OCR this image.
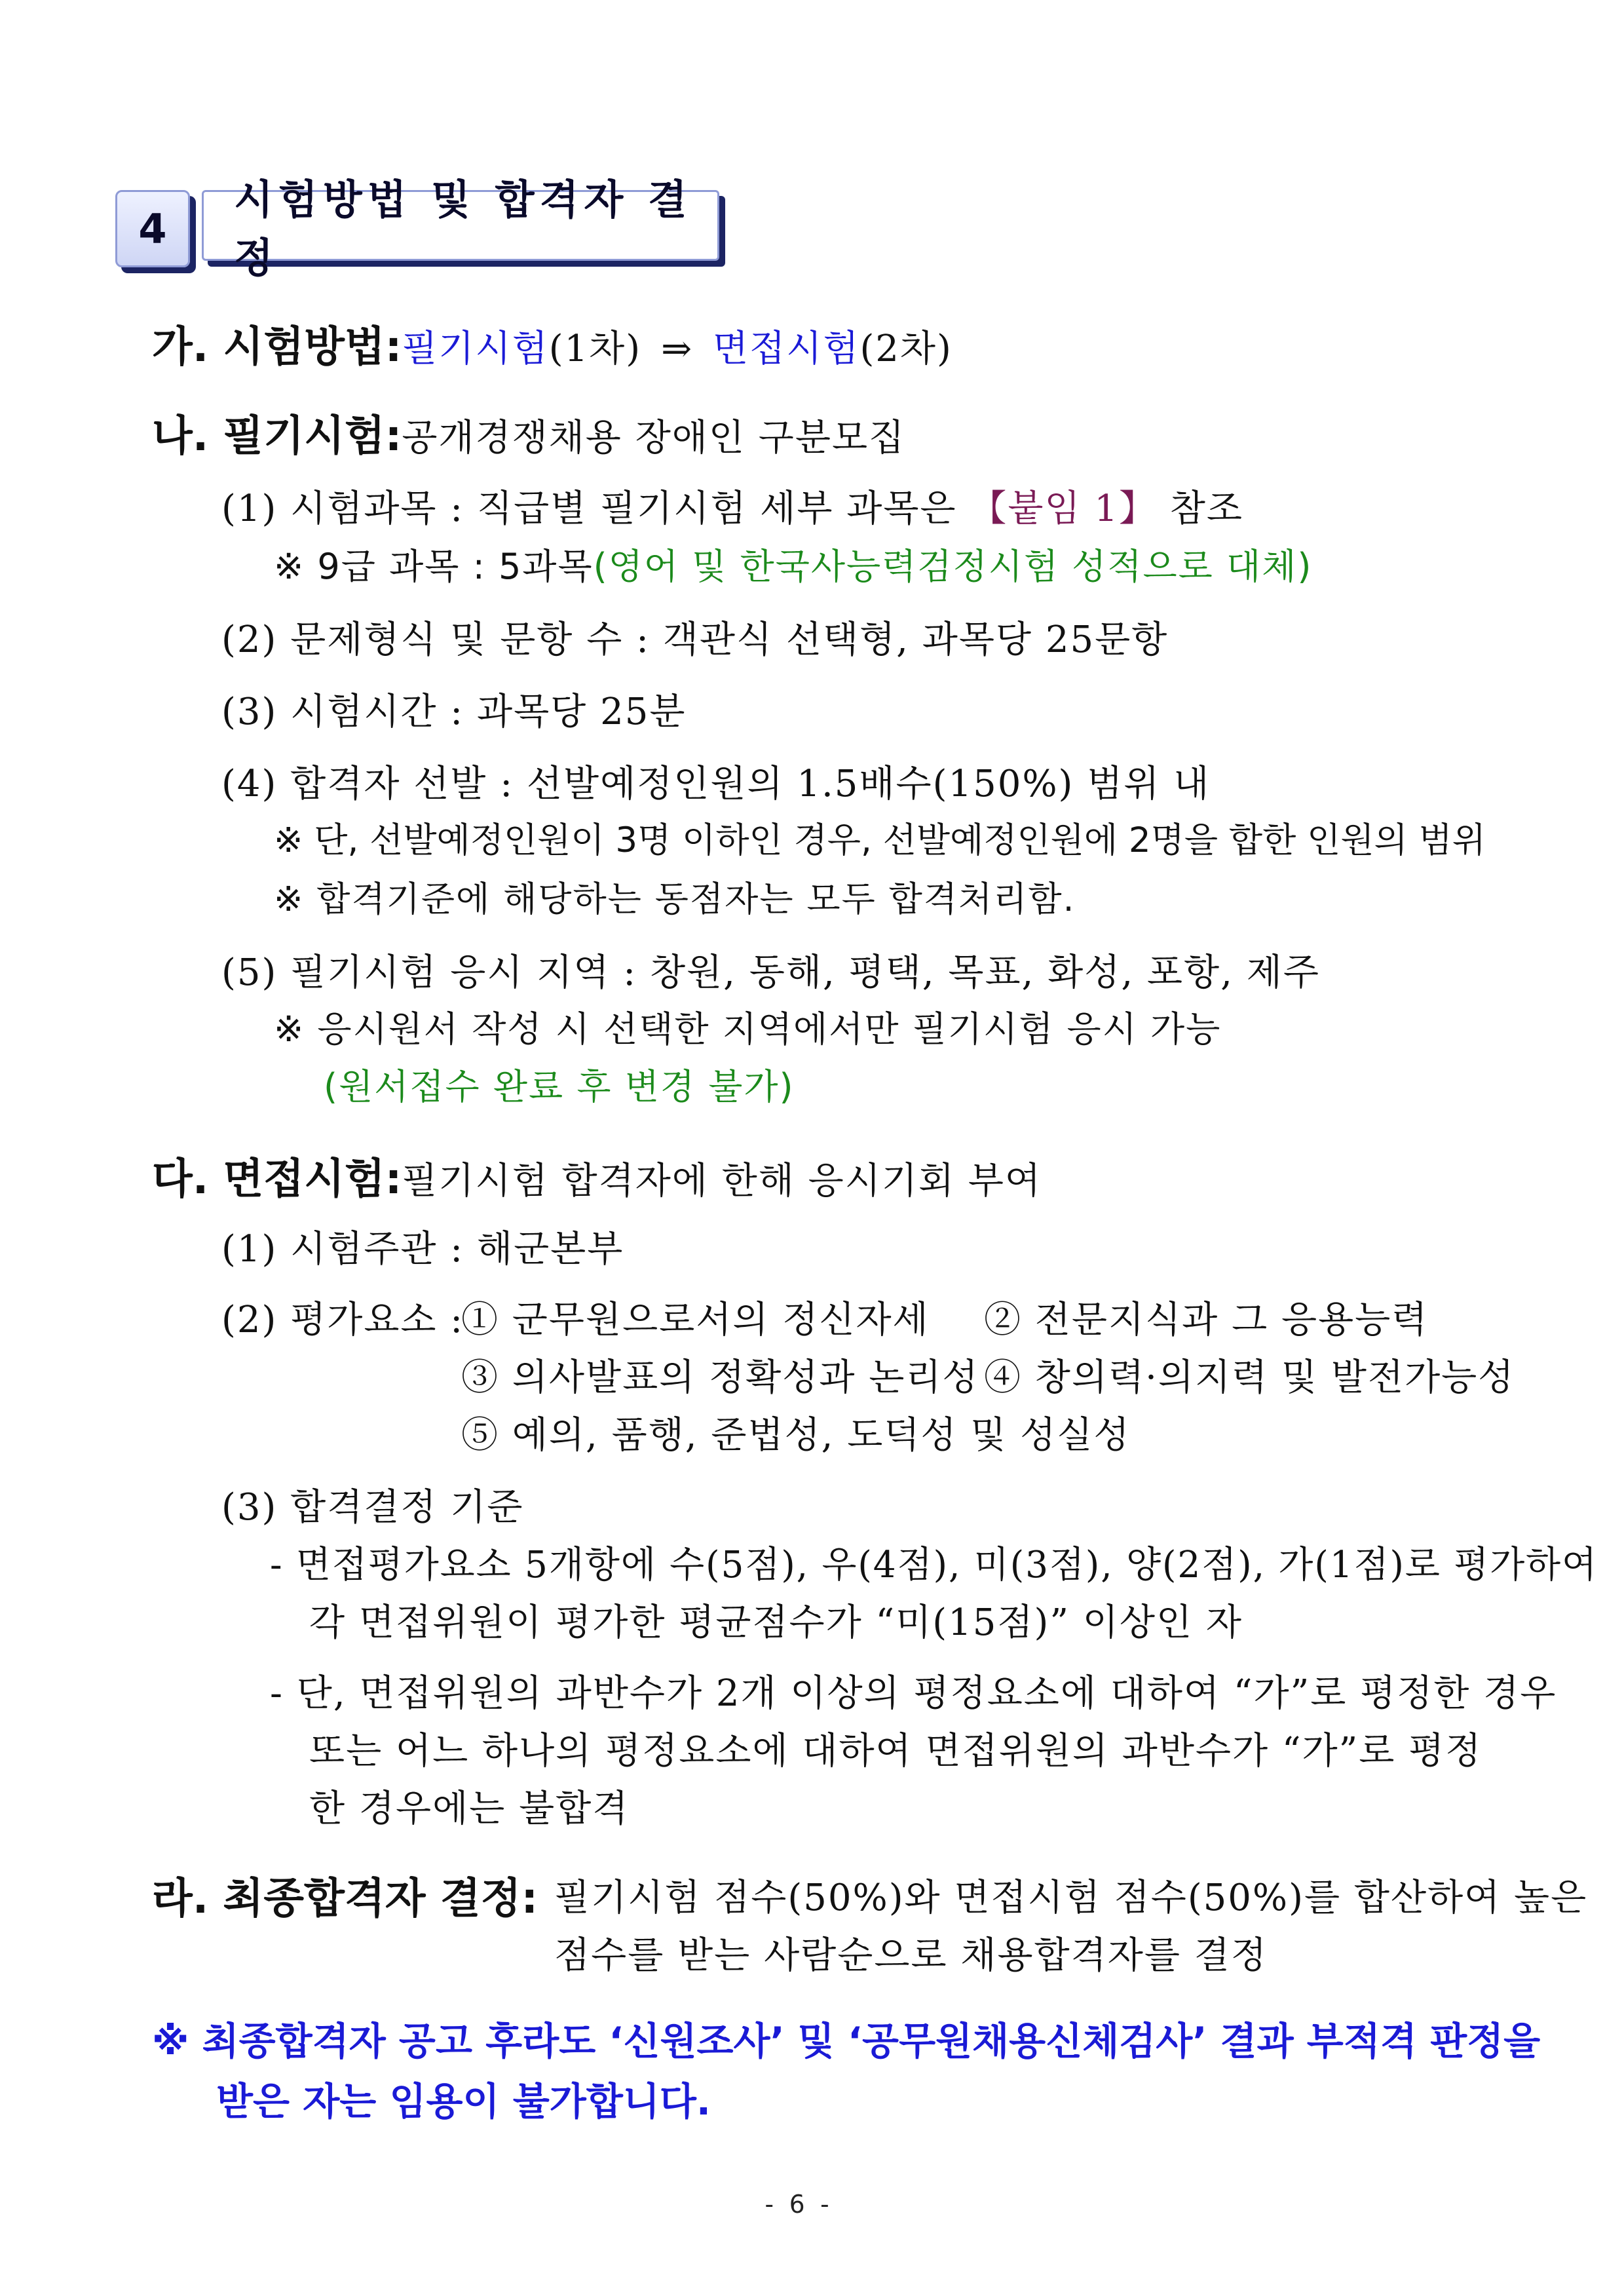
4
시험방법 및 합격자 결정
가. 시험방법:필기시험(1차) ⇒ 면접시험(2차)
나. 필기시험:공개경쟁채용 장애인 구분모집
(1) 시험과목 : 직급별 필기시험 세부 과목은 【붙임 1】 참조
※ 9급 과목 : 5과목(영어 및 한국사능력검정시험 성적으로 대체)
(2) 문제형식 및 문항 수 : 객관식 선택형, 과목당 25문항
(3) 시험시간 : 과목당 25분
(4) 합격자 선발 : 선발예정인원의 1.5배수(150%) 범위 내
※ 단, 선발예정인원이 3명 이하인 경우, 선발예정인원에 2명을 합한 인원의 범위
※ 합격기준에 해당하는 동점자는 모두 합격처리함.
(5) 필기시험 응시 지역 : 창원, 동해, 평택, 목표, 화성, 포항, 제주
※ 응시원서 작성 시 선택한 지역에서만 필기시험 응시 가능
(원서접수 완료 후 변경 불가)
다. 면접시험:필기시험 합격자에 한해 응시기회 부여
(1) 시험주관 : 해군본부
(2) 평가요소 :
① 군무원으로서의 정신자세 ② 전문지식과 그 응용능력
③ 의사발표의 정확성과 논리성 ④ 창의력·의지력 및 발전가능성
⑤ 예의, 품행, 준법성, 도덕성 및 성실성
(3) 합격결정 기준
- 면접평가요소 5개항에 수(5점), 우(4점), 미(3점), 양(2점), 가(1점)로 평가하여
각 면접위원이 평가한 평균점수가 “미(15점)” 이상인 자
- 단, 면접위원의 과반수가 2개 이상의 평정요소에 대하여 “가”로 평정한 경우
또는 어느 하나의 평정요소에 대하여 면접위원의 과반수가 “가”로 평정
한 경우에는 불합격
라. 최종합격자 결정: 필기시험 점수(50%)와 면접시험 점수(50%)를 합산하여 높은
점수를 받는 사람순으로 채용합격자를 결정
※ 최종합격자 공고 후라도 ‘신원조사’ 및 ‘공무원채용신체검사’ 결과 부적격 판정을
받은 자는 임용이 불가합니다.
- 6 -
